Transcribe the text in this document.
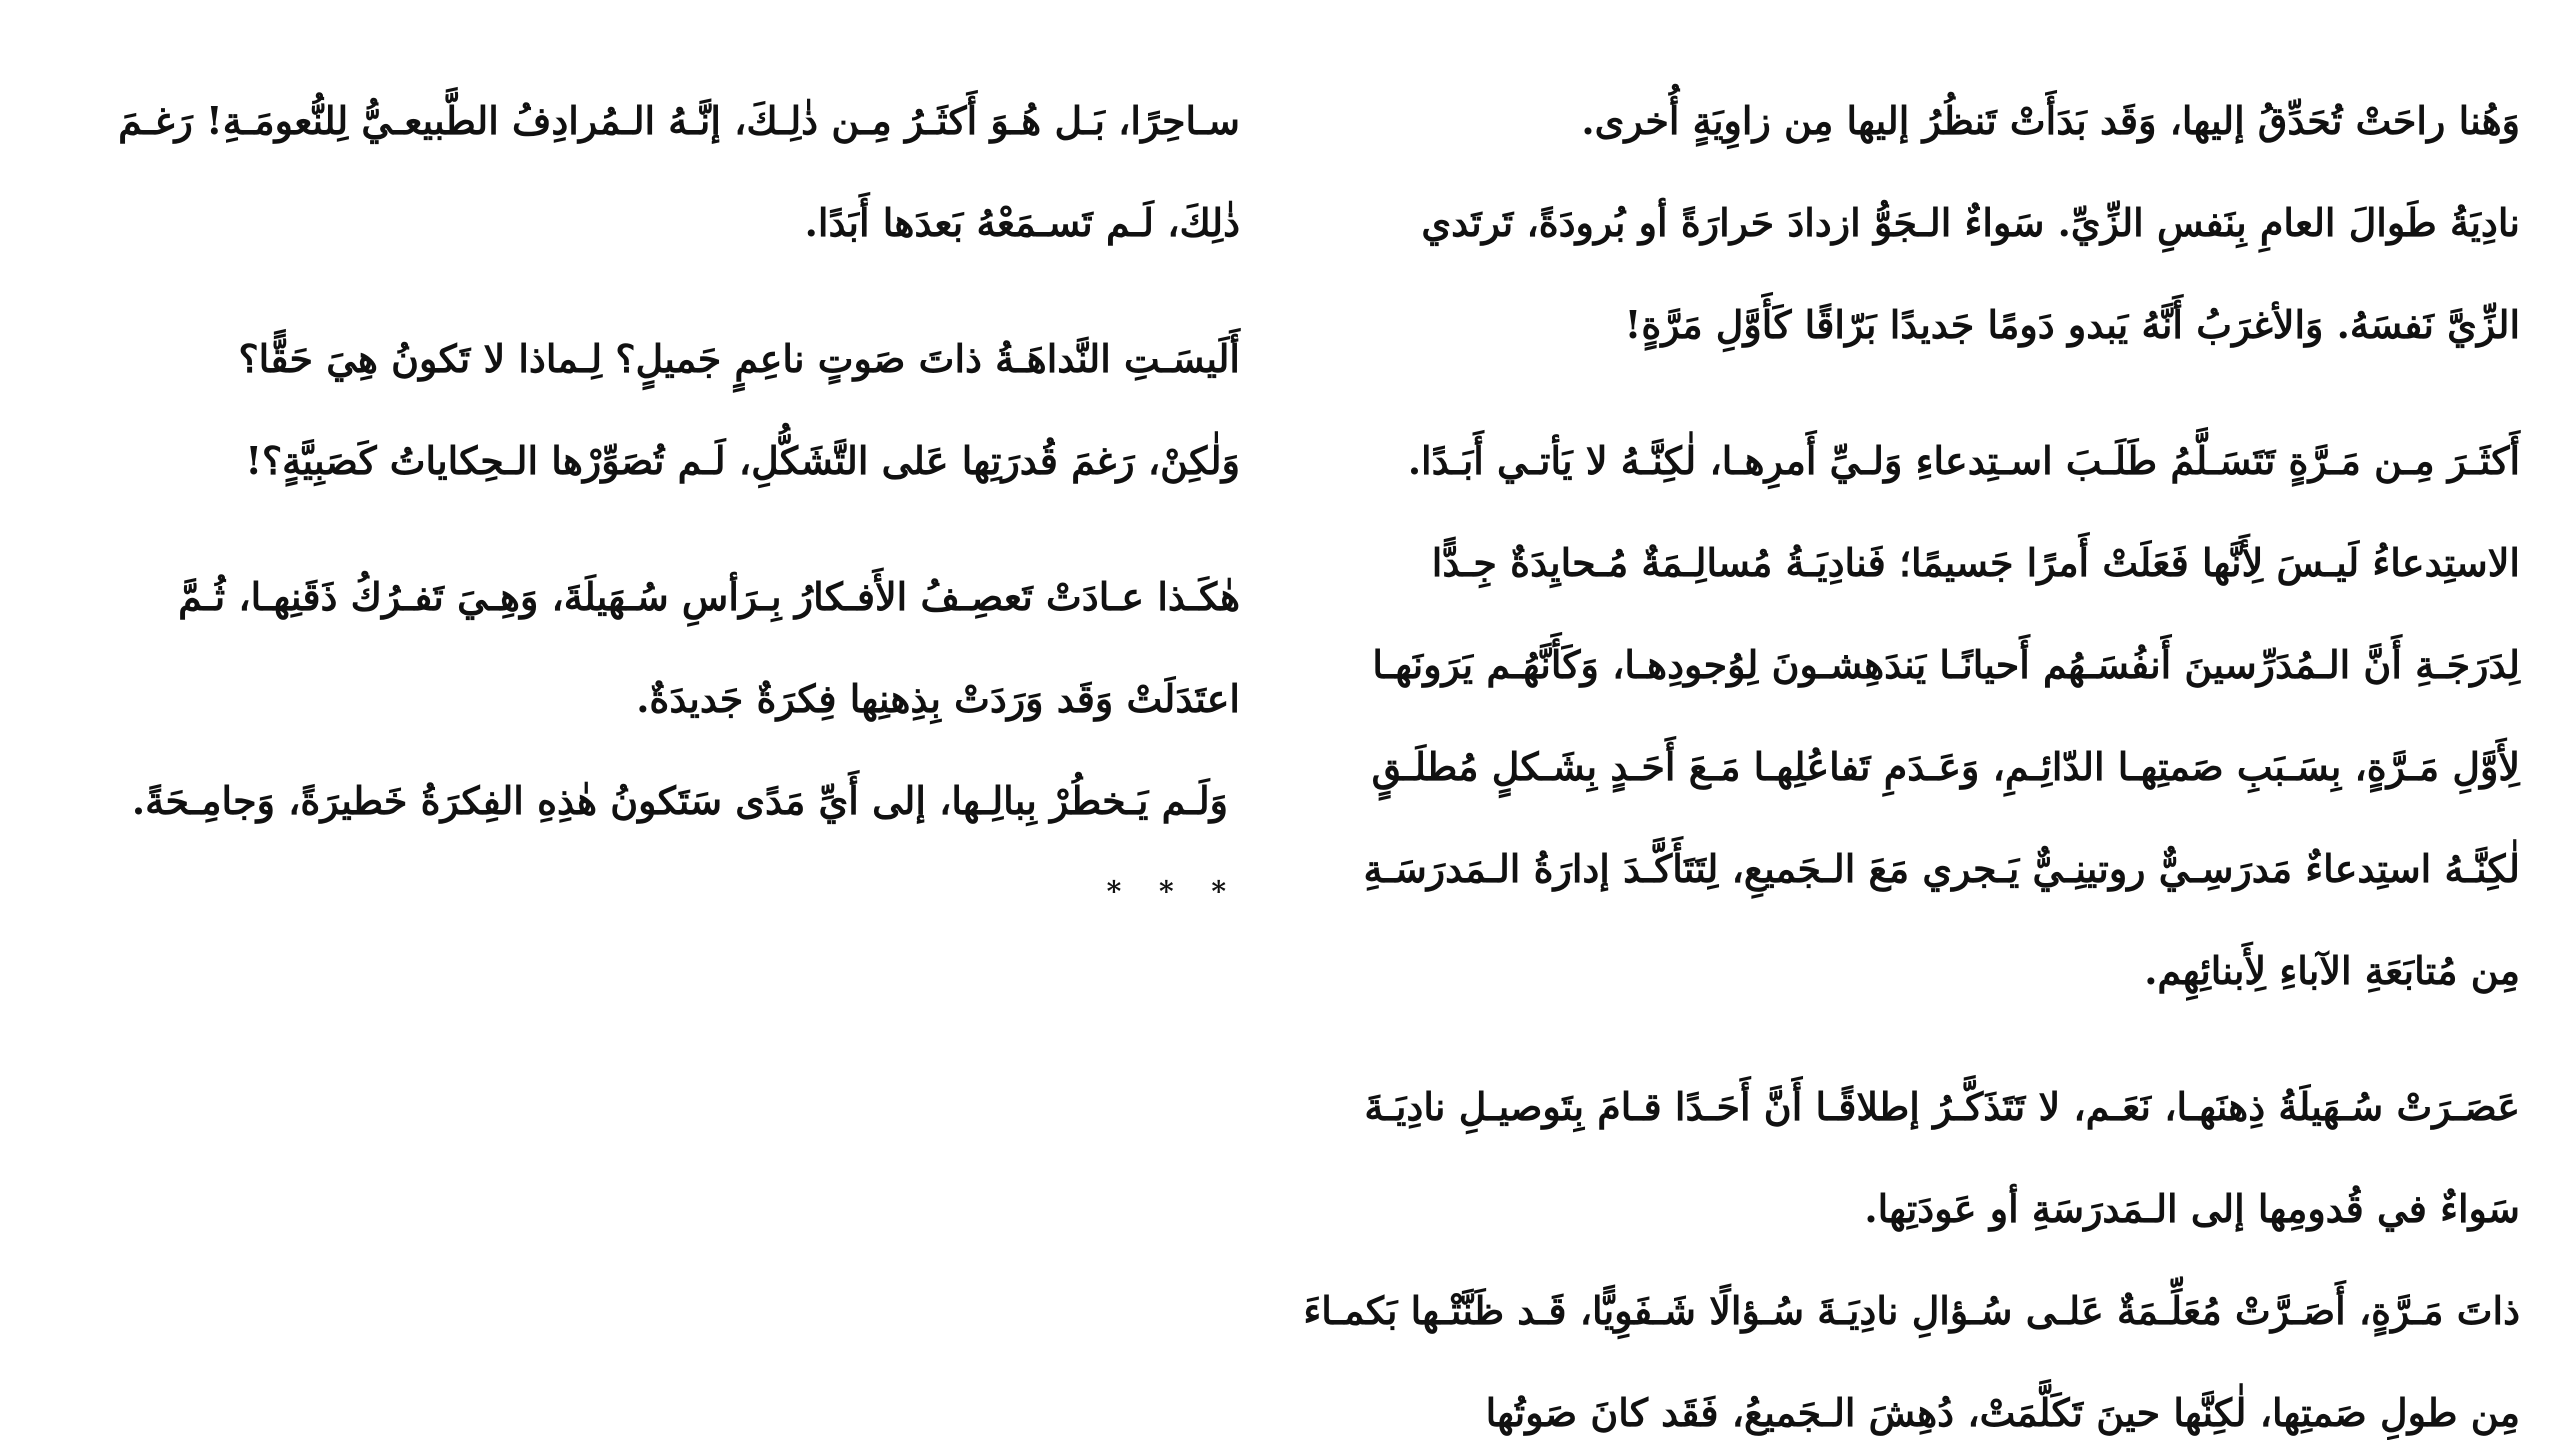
وَهُنا راحَتْ تُحَدِّقُ إليها، وَقَد بَدَأَتْ تَنظُرُ إليها مِن زاوِيَةٍ أُخرى.
نادِيَةُ طَوالَ العامِ بِنَفسِ الزِّيِّ. سَواءٌ الـجَوُّ ازدادَ حَرارَةً أو بُرودَةً، تَرتَدي
الزِّيَّ نَفسَهُ. وَالأغرَبُ أَنَّهُ يَبدو دَومًا جَديدًا بَرّاقًا كَأَوَّلِ مَرَّةٍ!
أَكثَـرَ مِـن مَـرَّةٍ تَتَسَـلَّمُ طَلَـبَ اسـتِدعاءِ وَلـيِّ أَمرِهـا، لٰكِنَّـهُ لا يَأتـي أَبَـدًا.
الاستِدعاءُ لَيـسَ لِأَنَّها فَعَلَتْ أَمرًا جَسيمًا؛ فَنادِيَـةُ مُسالِـمَةٌ مُـحايِدَةٌ جِـدًّا
لِدَرَجَـةِ أَنَّ الـمُدَرِّسينَ أَنفُسَـهُم أَحيانًـا يَندَهِشـونَ لِوُجودِهـا، وَكَأَنَّهُـم يَرَونَهـا
لِأَوَّلِ مَـرَّةٍ، بِسَـبَبِ صَمتِهـا الدّائِـمِ، وَعَـدَمِ تَفاعُلِهـا مَـعَ أَحَـدٍ بِشَـكلٍ مُطلَـقٍ
لٰكِنَّـهُ استِدعاءٌ مَدرَسِـيٌّ روتينِـيٌّ يَـجري مَعَ الـجَميعِ، لِتَتَأَكَّـدَ إدارَةُ الـمَدرَسَـةِ
مِن مُتابَعَةِ الآباءِ لِأَبنائِهِم.
عَصَـرَتْ سُـهَيلَةُ ذِهنَهـا، نَعَـم، لا تَتَذَكَّـرُ إطلاقًـا أَنَّ أَحَـدًا قـامَ بِتَوصيـلِ نادِيَـةَ
سَواءٌ في قُدومِها إلى الـمَدرَسَةِ أو عَودَتِها.
ذاتَ مَـرَّةٍ، أَصَـرَّتْ مُعَلِّـمَةٌ عَلـى سُـؤالِ نادِيَـةَ سُـؤالًا شَـفَوِيًّا، قَـد ظَنَّتْـها بَكمـاءَ
مِن طولِ صَمتِها، لٰكِنَّها حينَ تَكَلَّمَتْ، دُهِشَ الـجَميعُ، فَقَد كانَ صَوتُها
سـاحِرًا، بَـل هُـوَ أَكثَـرُ مِـن ذٰلِـكَ، إنَّـهُ الـمُرادِفُ الطَّبيعـيُّ لِلنُّعومَـةِ! رَغـمَ
ذٰلِكَ، لَـم تَسـمَعْهُ بَعدَها أَبَدًا.
أَلَيسَـتِ النَّداهَـةُ ذاتَ صَوتٍ ناعِمٍ جَميلٍ؟ لِـماذا لا تَكونُ هِيَ حَقًّا؟
وَلٰكِنْ، رَغمَ قُدرَتِها عَلى التَّشَكُّلِ، لَـم تُصَوِّرْها الـحِكاياتُ كَصَبِيَّةٍ؟!
هٰكَـذا عـادَتْ تَعصِـفُ الأَفـكارُ بِـرَأسِ سُـهَيلَةَ، وَهِـيَ تَفـرُكُ ذَقَنِهـا، ثُـمَّ
اعتَدَلَتْ وَقَد وَرَدَتْ بِذِهنِها فِكرَةٌ جَديدَةٌ.
وَلَـم يَـخطُرْ بِبالِـها، إلى أَيِّ مَدًى سَتَكونُ هٰذِهِ الفِكرَةُ خَطيرَةً، وَجامِـحَةً.
* * *
